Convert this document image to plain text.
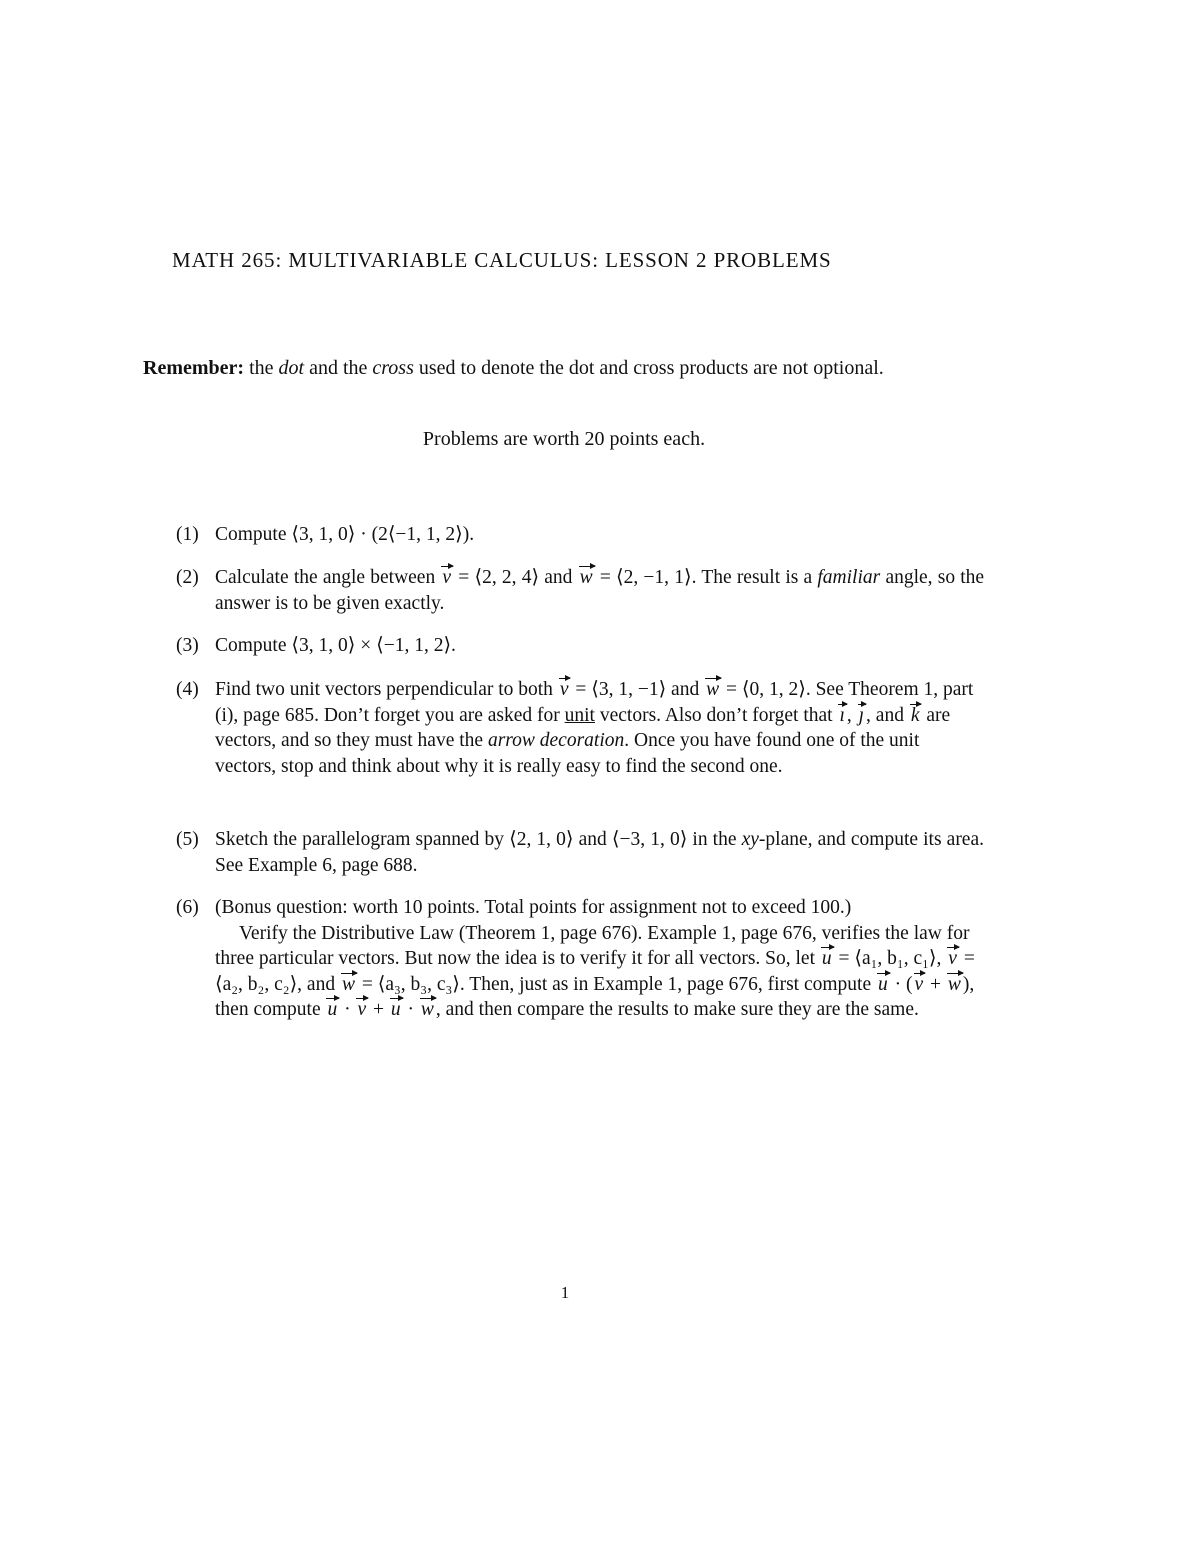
MATH 265: MULTIVARIABLE CALCULUS: LESSON 2 PROBLEMS
Remember: the dot and the cross used to denote the dot and cross products are not optional.
Problems are worth 20 points each.
(1) Compute ⟨3, 1, 0⟩ · (2⟨−1, 1, 2⟩).
(2) Calculate the angle between v = ⟨2, 2, 4⟩ and w = ⟨2, −1, 1⟩. The result is a familiar angle, so the answer is to be given exactly.
(3) Compute ⟨3, 1, 0⟩ × ⟨−1, 1, 2⟩.
(4) Find two unit vectors perpendicular to both v = ⟨3, 1, −1⟩ and w = ⟨0, 1, 2⟩. See Theorem 1, part (i), page 685. Don’t forget you are asked for unit vectors. Also don’t forget that ı , ȷ , and k are vectors, and so they must have the arrow decoration. Once you have found one of the unit vectors, stop and think about why it is really easy to find the second one.
(5) Sketch the parallelogram spanned by ⟨2, 1, 0⟩ and ⟨−3, 1, 0⟩ in the xy-plane, and compute its area. See Example 6, page 688.
(6) (Bonus question: worth 10 points. Total points for assignment not to exceed 100.)
Verify the Distributive Law (Theorem 1, page 676). Example 1, page 676, verifies the law for three particular vectors. But now the idea is to verify it for all vectors. So, let u = ⟨a₁, b₁, c₁⟩, v = ⟨a₂, b₂, c₂⟩, and w = ⟨a₃, b₃, c₃⟩. Then, just as in Example 1, page 676, first compute u · ( v + w ), then compute u · v + u · w , and then compare the results to make sure they are the same.
1
